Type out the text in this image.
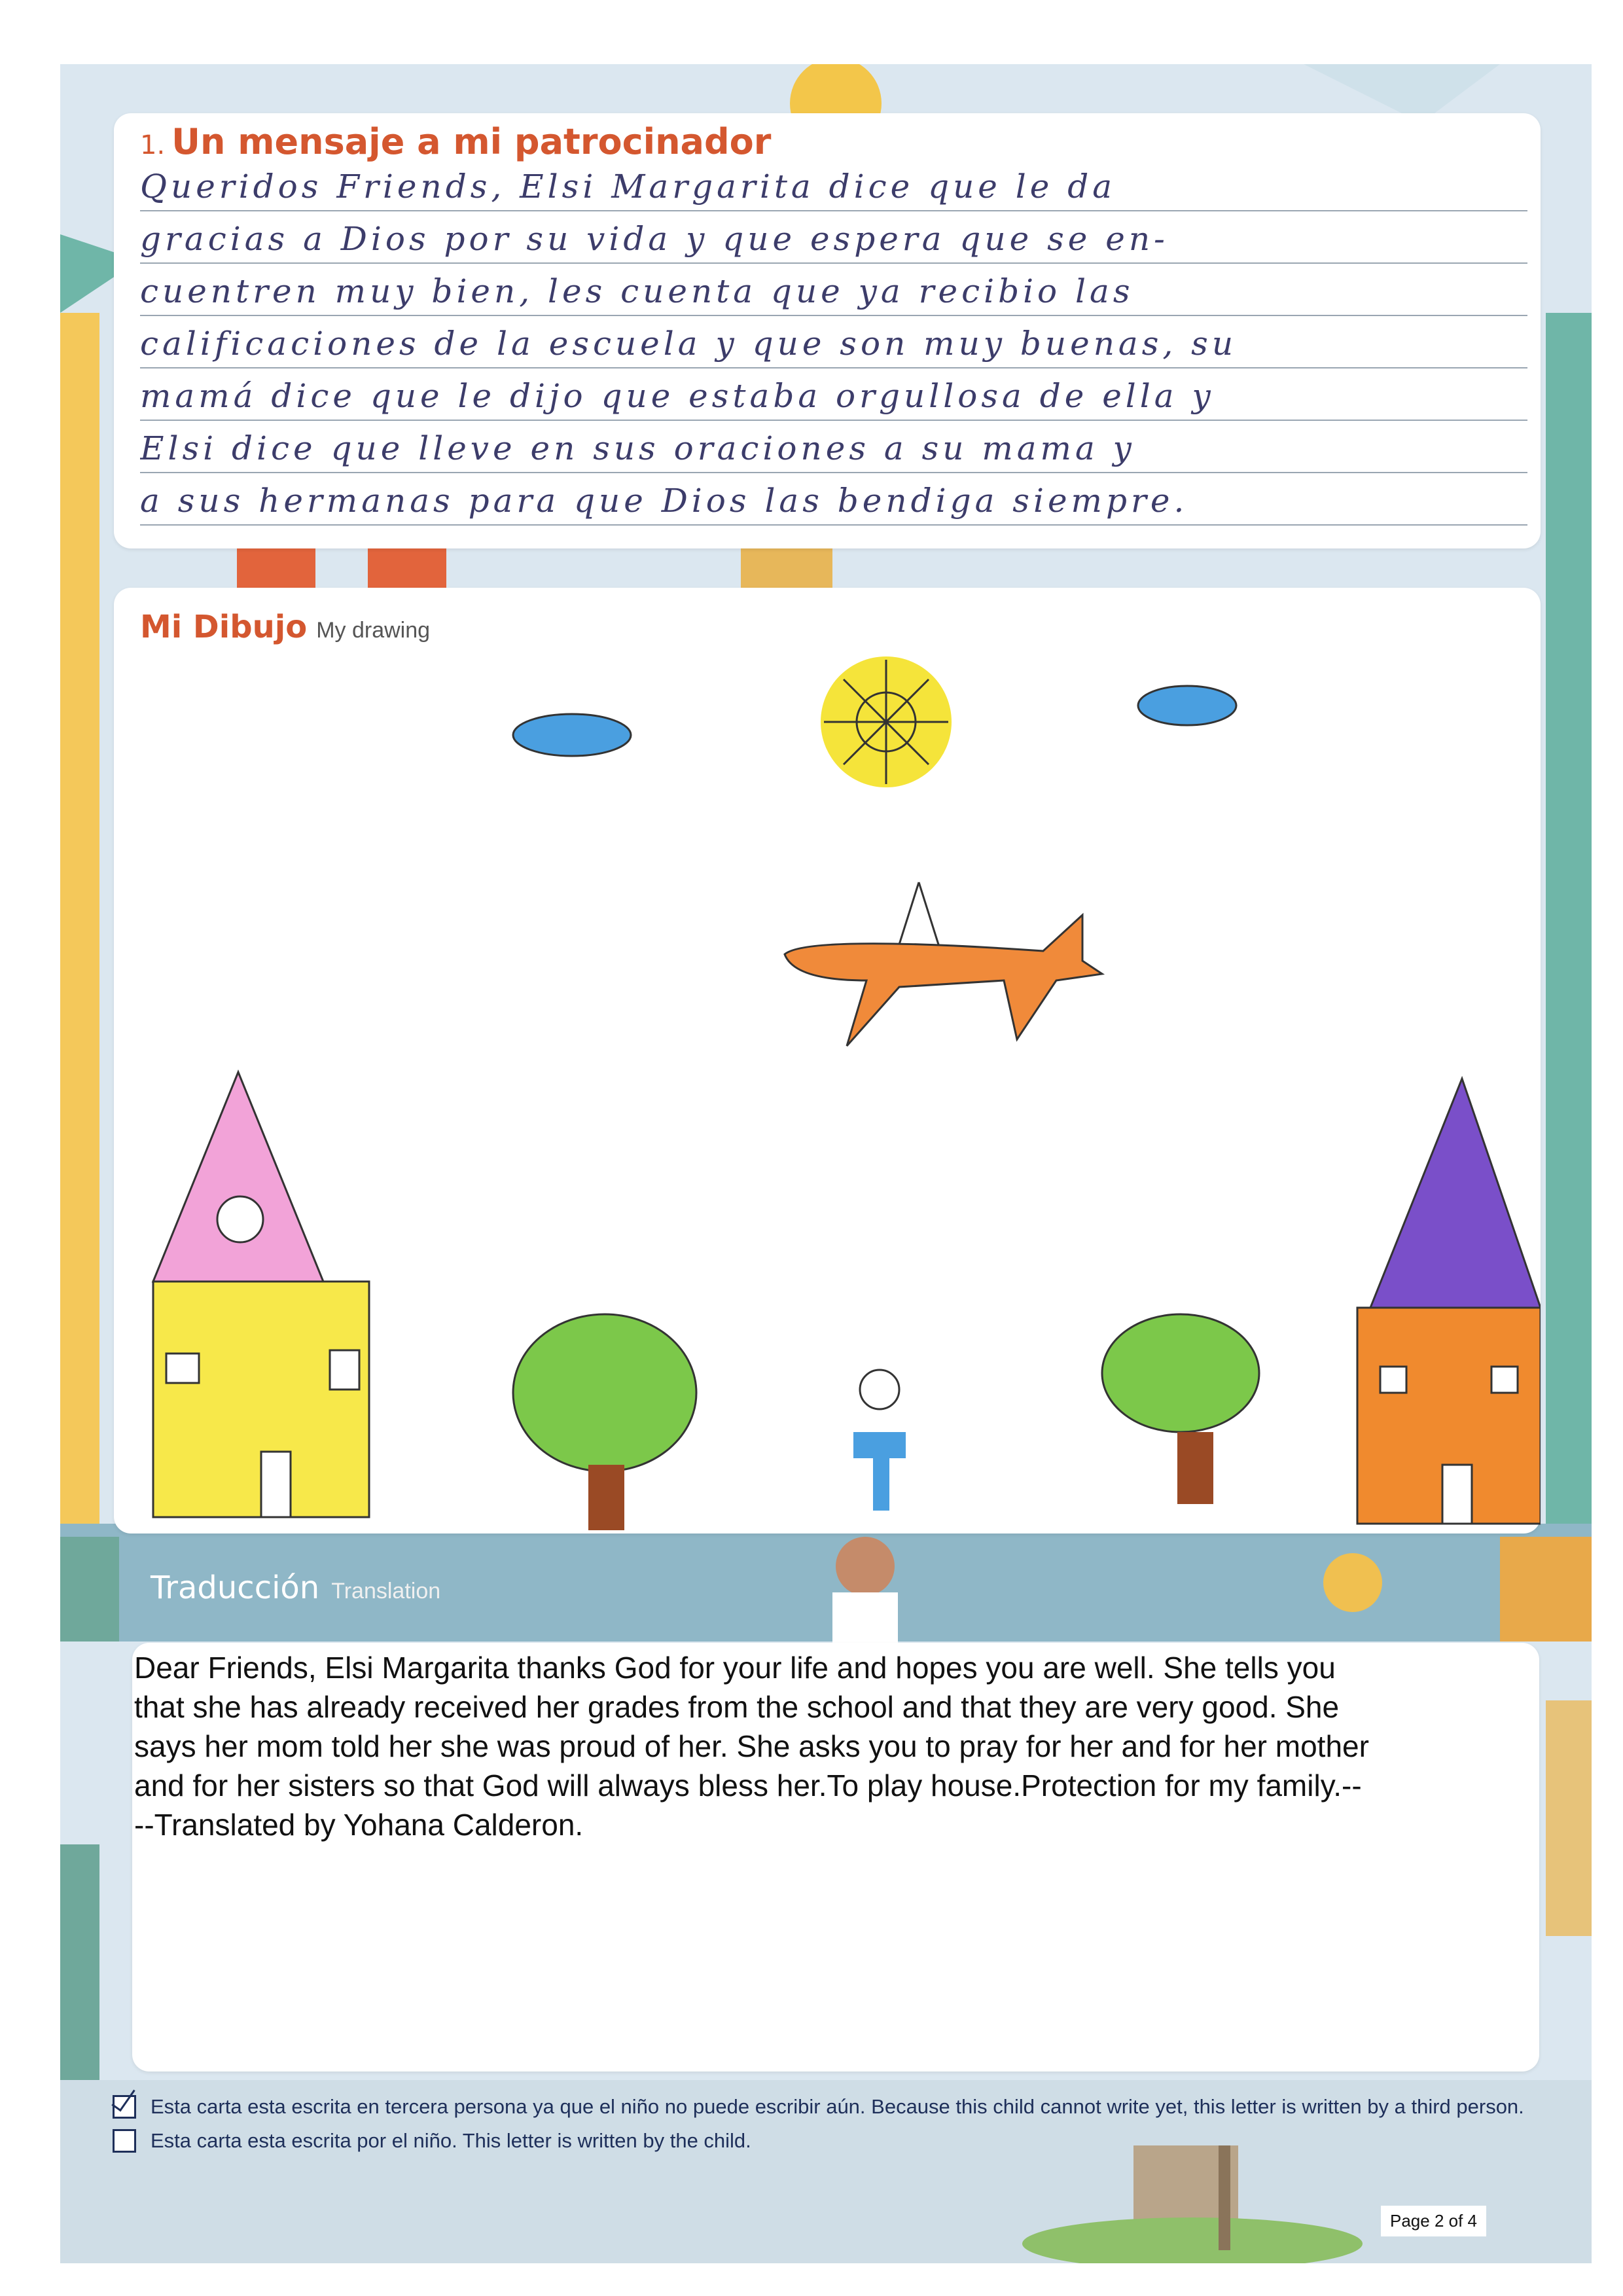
1. Un mensaje a mi patrocinador
Queridos Friends, Elsi Margarita dice que le da
gracias a Dios por su vida y que espera que se en-
cuentren muy bien, les cuenta que ya recibio las
calificaciones de la escuela y que son muy buenas, su
mamá dice que le dijo que estaba orgullosa de ella y
Elsi dice que lleve en sus oraciones a su mama y
a sus hermanas para que Dios las bendiga siempre.
Mi Dibujo My drawing
Traducción Translation
Esta carta esta escrita en tercera persona ya que el niño no puede escribir aún. Because this child cannot write yet, this letter is written by a third person.
Esta carta esta escrita por el niño. This letter is written by the child.
Page 2 of 4

Dear Friends, Elsi Margarita thanks God for your life and hopes you are well. She tells you

that she has already received her grades from the school and that they are very good. She

says her mom told her she was proud of her. She asks you to pray for her and for her mother

and for her sisters so that God will always bless her.To play house.Protection for my family.--

--Translated by Yohana Calderon.
